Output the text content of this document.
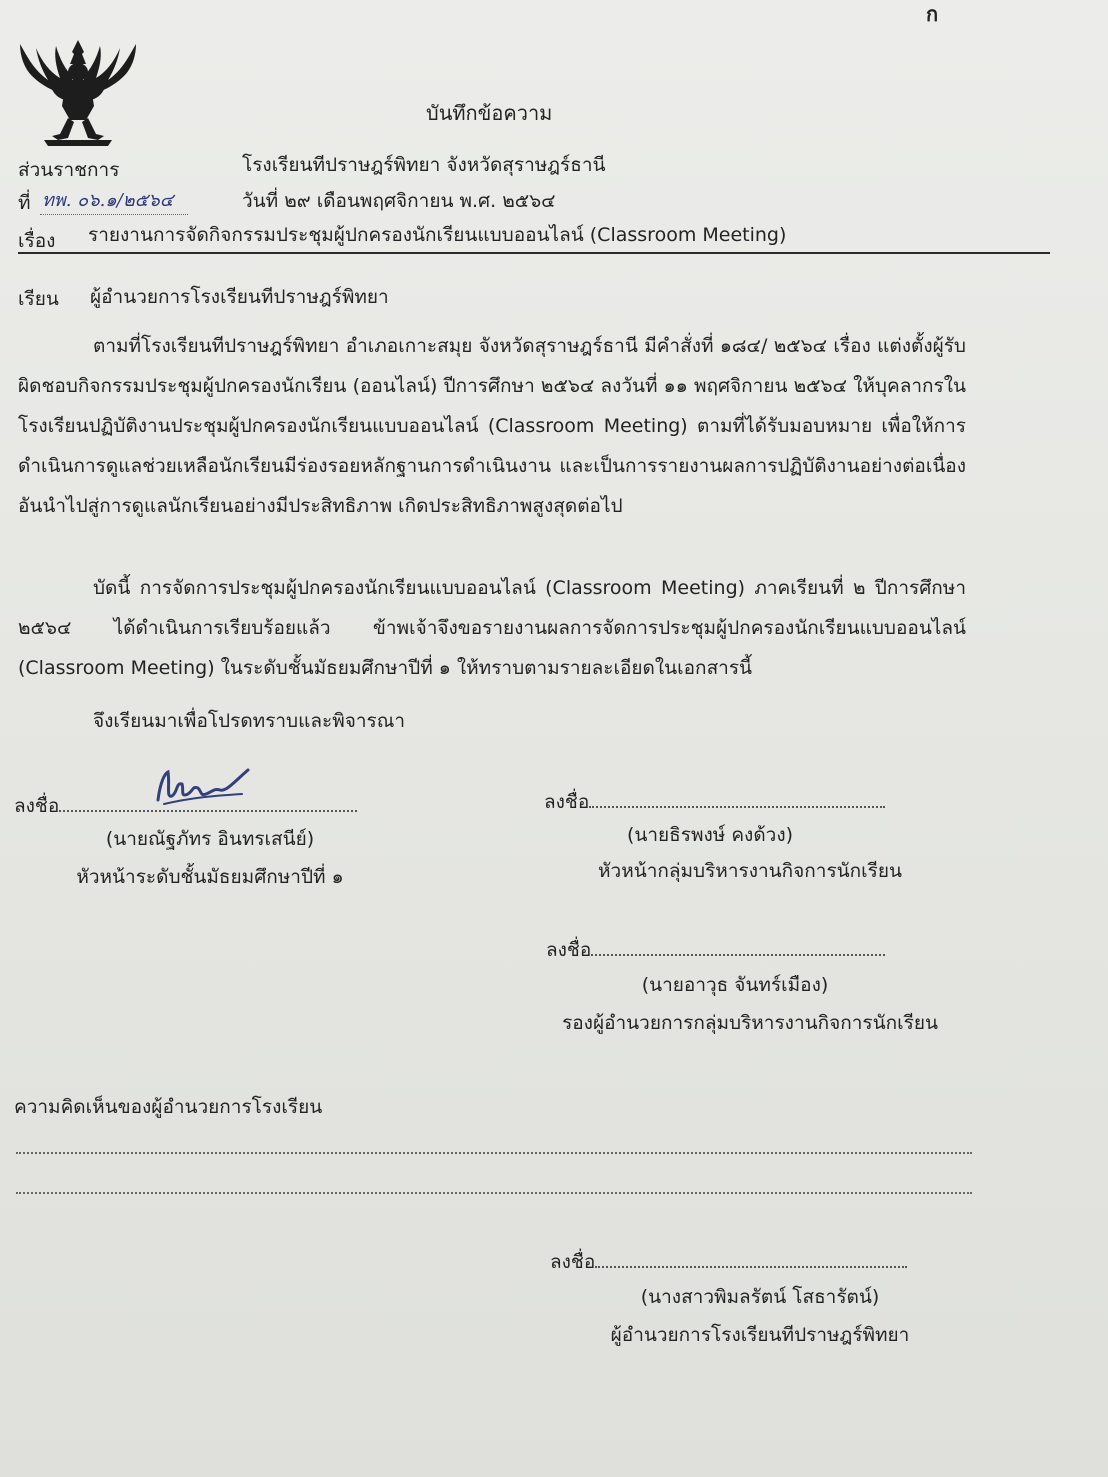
ก
บันทึกข้อความ
ส่วนราชการ	โรงเรียนทีปราษฎร์พิทยา จังหวัดสุราษฎร์ธานี
ที่ ทพ. ๐๖.๑/๒๕๖๔	วันที่ ๒๙ เดือนพฤศจิกายน พ.ศ. ๒๕๖๔
เรื่อง รายงานการจัดกิจกรรมประชุมผู้ปกครองนักเรียนแบบออนไลน์ (Classroom Meeting)
เรียน ผู้อำนวยการโรงเรียนทีปราษฎร์พิทยา
ตามที่โรงเรียนทีปราษฎร์พิทยา อำเภอเกาะสมุย จังหวัดสุราษฎร์ธานี มีคำสั่งที่ ๑๘๔/ ๒๕๖๔ เรื่อง แต่งตั้งผู้รับผิดชอบกิจกรรมประชุมผู้ปกครองนักเรียน (ออนไลน์) ปีการศึกษา ๒๕๖๔ ลงวันที่ ๑๑ พฤศจิกายน ๒๕๖๔ ให้บุคลากรในโรงเรียนปฏิบัติงานประชุมผู้ปกครองนักเรียนแบบออนไลน์ (Classroom Meeting) ตามที่ได้รับมอบหมาย เพื่อให้การดำเนินการดูแลช่วยเหลือนักเรียนมีร่องรอยหลักฐานการดำเนินงาน และเป็นการรายงานผลการปฏิบัติงานอย่างต่อเนื่องอันนำไปสู่การดูแลนักเรียนอย่างมีประสิทธิภาพ เกิดประสิทธิภาพสูงสุดต่อไป
บัดนี้ การจัดการประชุมผู้ปกครองนักเรียนแบบออนไลน์ (Classroom Meeting) ภาคเรียนที่ ๒ ปีการศึกษา ๒๕๖๔ ได้ดำเนินการเรียบร้อยแล้ว ข้าพเจ้าจึงขอรายงานผลการจัดการประชุมผู้ปกครองนักเรียนแบบออนไลน์ (Classroom Meeting) ในระดับชั้นมัธยมศึกษาปีที่ ๑ ให้ทราบตามรายละเอียดในเอกสารนี้
จึงเรียนมาเพื่อโปรดทราบและพิจารณา
ลงชื่อ
(นายณัฐภัทร อินทรเสนีย์)
หัวหน้าระดับชั้นมัธยมศึกษาปีที่ ๑
ลงชื่อ
(นายธิรพงษ์ คงด้วง)
หัวหน้ากลุ่มบริหารงานกิจการนักเรียน
ลงชื่อ
(นายอาวุธ จันทร์เมือง)
รองผู้อำนวยการกลุ่มบริหารงานกิจการนักเรียน
ความคิดเห็นของผู้อำนวยการโรงเรียน
ลงชื่อ
(นางสาวพิมลรัตน์ โสธารัตน์)
ผู้อำนวยการโรงเรียนทีปราษฎร์พิทยา
